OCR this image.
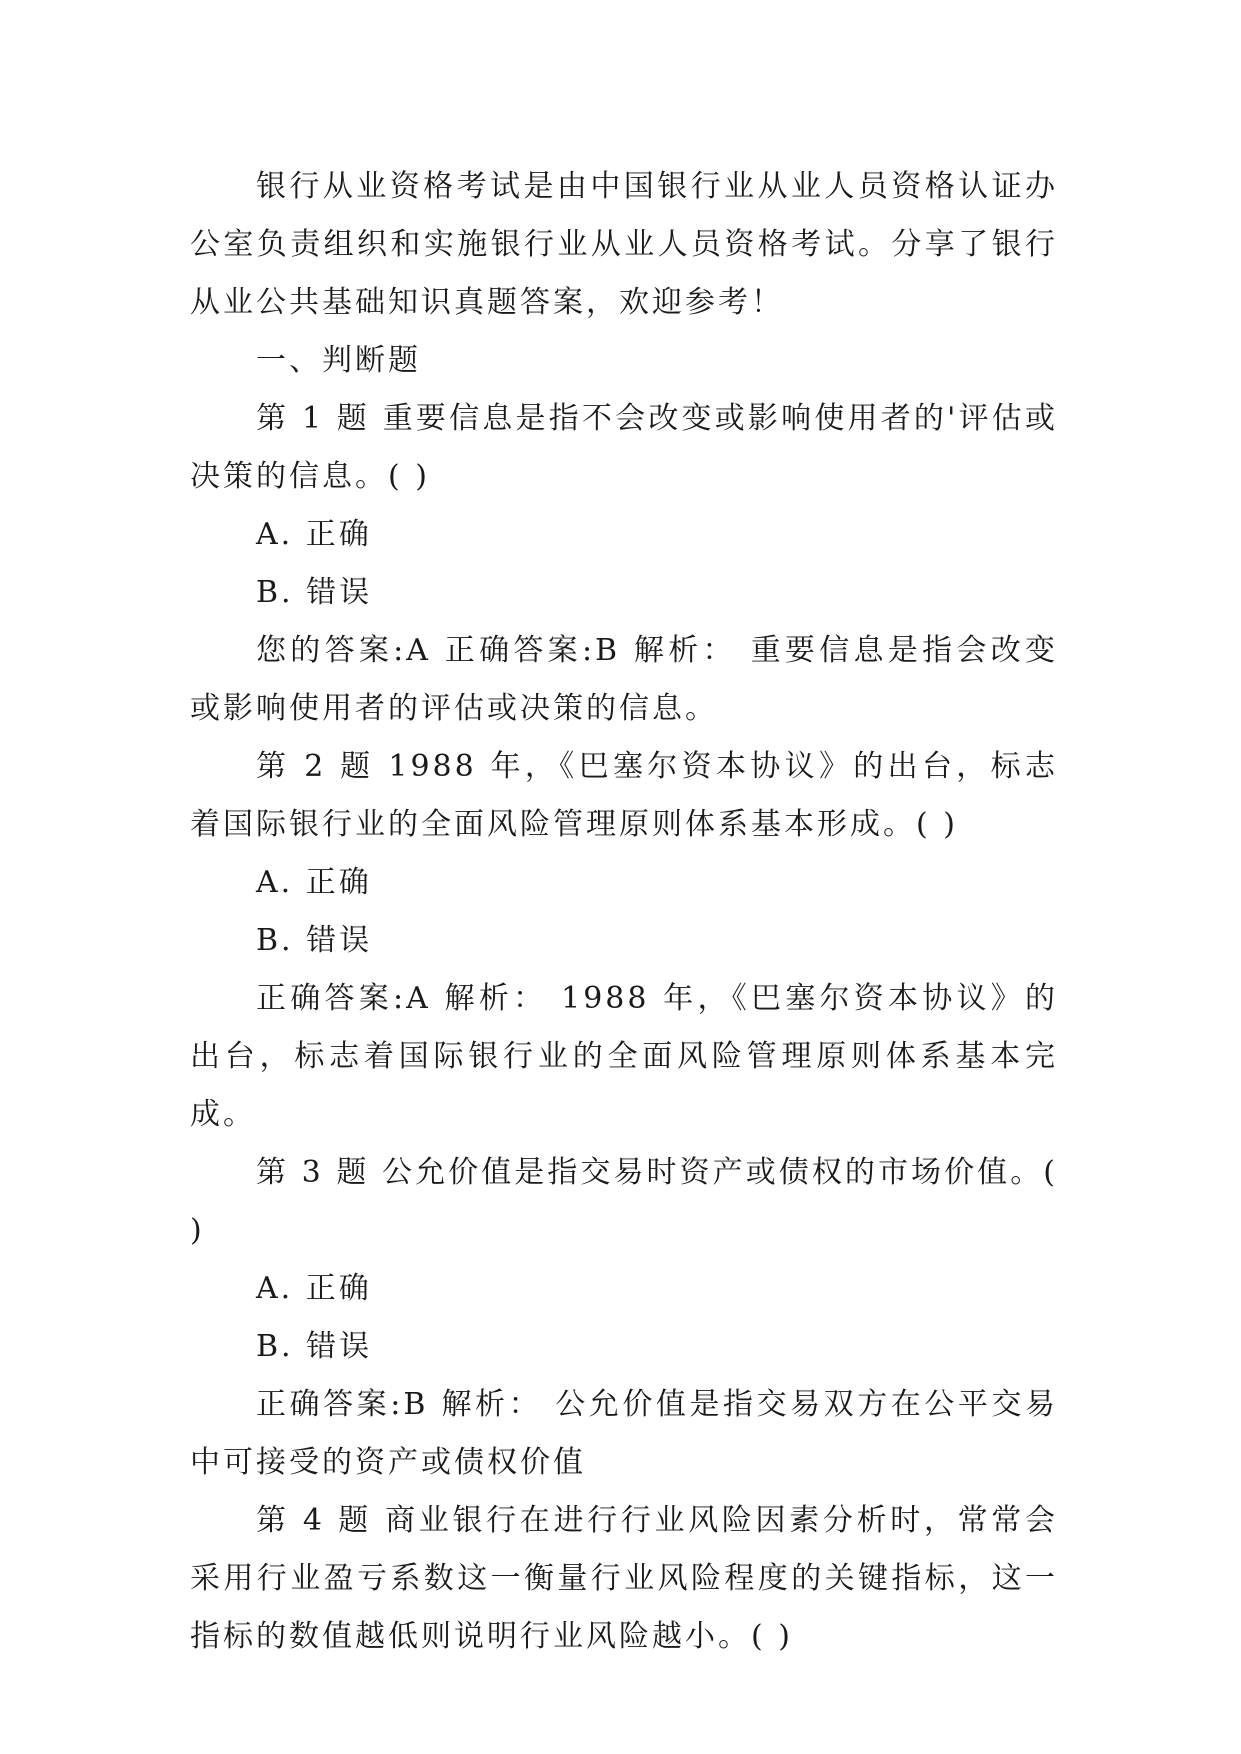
银行从业资格考试是由中国银行业从业人员资格认证办公室负责组织和实施银行业从业人员资格考试。分享了银行从业公共基础知识真题答案，欢迎参考！

一、判断题

第 1 题 重要信息是指不会改变或影响使用者的'评估或决策的信息。( )

A. 正确

B. 错误

您的答案:A 正确答案:B 解析： 重要信息是指会改变或影响使用者的评估或决策的信息。

第 2 题 1988 年，《巴塞尔资本协议》的出台，标志着国际银行业的全面风险管理原则体系基本形成。( )

A. 正确

B. 错误

正确答案:A 解析： 1988 年，《巴塞尔资本协议》的出台，标志着国际银行业的全面风险管理原则体系基本完成。

第 3 题 公允价值是指交易时资产或债权的市场价值。( )

A. 正确

B. 错误

正确答案:B 解析： 公允价值是指交易双方在公平交易中可接受的资产或债权价值

第 4 题 商业银行在进行行业风险因素分析时，常常会采用行业盈亏系数这一衡量行业风险程度的关键指标，这一指标的数值越低则说明行业风险越小。( )
